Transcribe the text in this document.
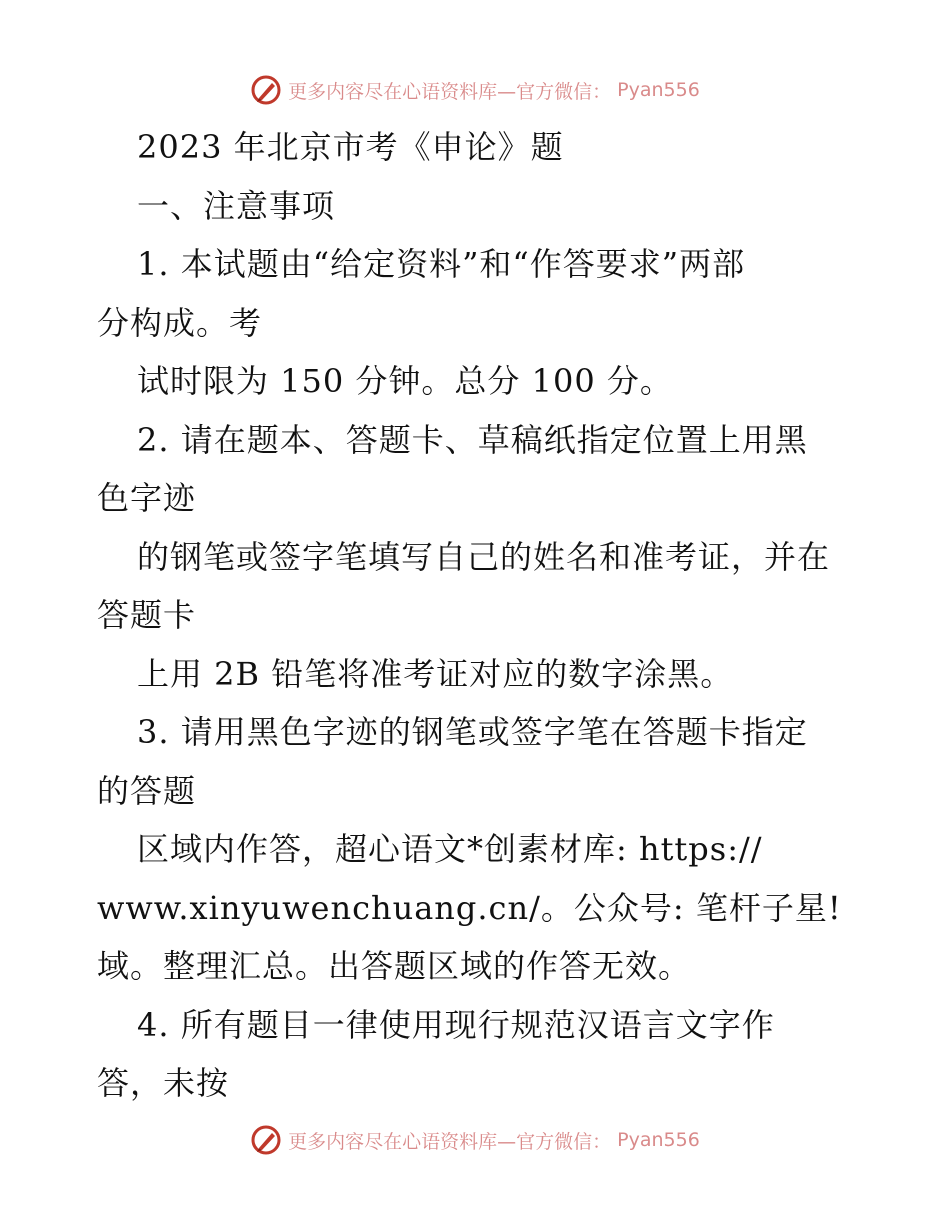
更多内容尽在心语资料库—官方微信： Pyan556
2023 年北京市考《申论》题
一、注意事项
1. 本试题由“给定资料”和“作答要求”两部
分构成。考
试时限为 150 分钟。总分 100 分。
2. 请在题本、答题卡、草稿纸指定位置上用黑
色字迹
的钢笔或签字笔填写自己的姓名和准考证，并在
答题卡
上用 2B 铅笔将准考证对应的数字涂黑。
3. 请用黑色字迹的钢笔或签字笔在答题卡指定
的答题
区域内作答，超心语文*创素材库: https://
www.xinyuwenchuang.cn/。公众号: 笔杆子星!
域。整理汇总。出答题区域的作答无效。
4. 所有题目一律使用现行规范汉语言文字作
答，未按
更多内容尽在心语资料库—官方微信： Pyan556
